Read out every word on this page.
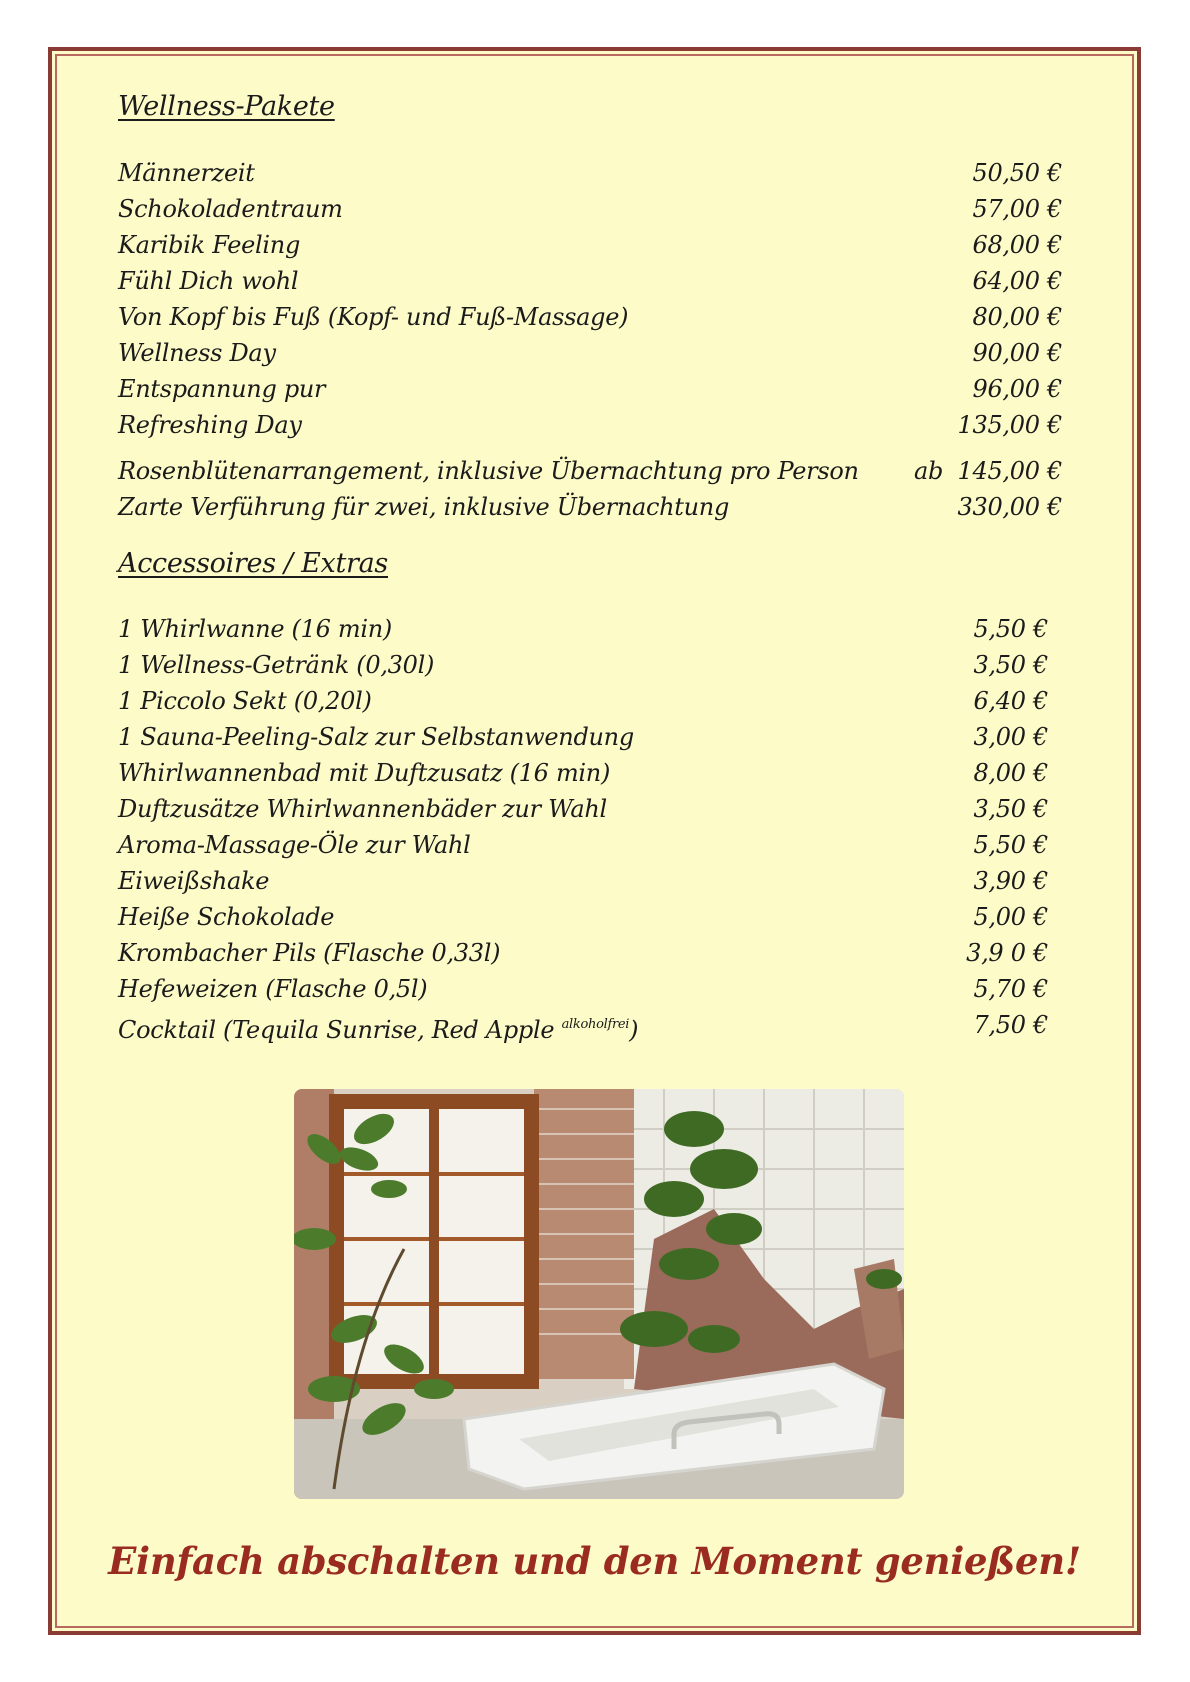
Wellness-Pakete
Männerzeit	50,50 €
Schokoladentraum	57,00 €
Karibik Feeling	68,00 €
Fühl Dich wohl	64,00 €
Von Kopf bis Fuß (Kopf- und Fuß-Massage)	80,00 €
Wellness Day	90,00 €
Entspannung pur	96,00 €
Refreshing Day	135,00 €
Rosenblütenarrangement, inklusive Übernachtung pro Person ab 145,00 €
Zarte Verführung für zwei, inklusive Übernachtung	330,00 €
Accessoires / Extras
1 Whirlwanne (16 min)	5,50 €
1 Wellness-Getränk (0,30l)	3,50 €
1 Piccolo Sekt (0,20l)	6,40 €
1 Sauna-Peeling-Salz zur Selbstanwendung	3,00 €
Whirlwannenbad mit Duftzusatz (16 min)	8,00 €
Duftzusätze Whirlwannenbäder zur Wahl	3,50 €
Aroma-Massage-Öle zur Wahl	5,50 €
Eiweißshake	3,90 €
Heiße Schokolade	5,00 €
Krombacher Pils (Flasche 0,33l)	3,9 0 €
Hefeweizen (Flasche 0,5l)	5,70 €
Cocktail (Tequila Sunrise, Red Apple $^{alkoholfrei}$)	7,50 €
Einfach abschalten und den Moment genießen!
